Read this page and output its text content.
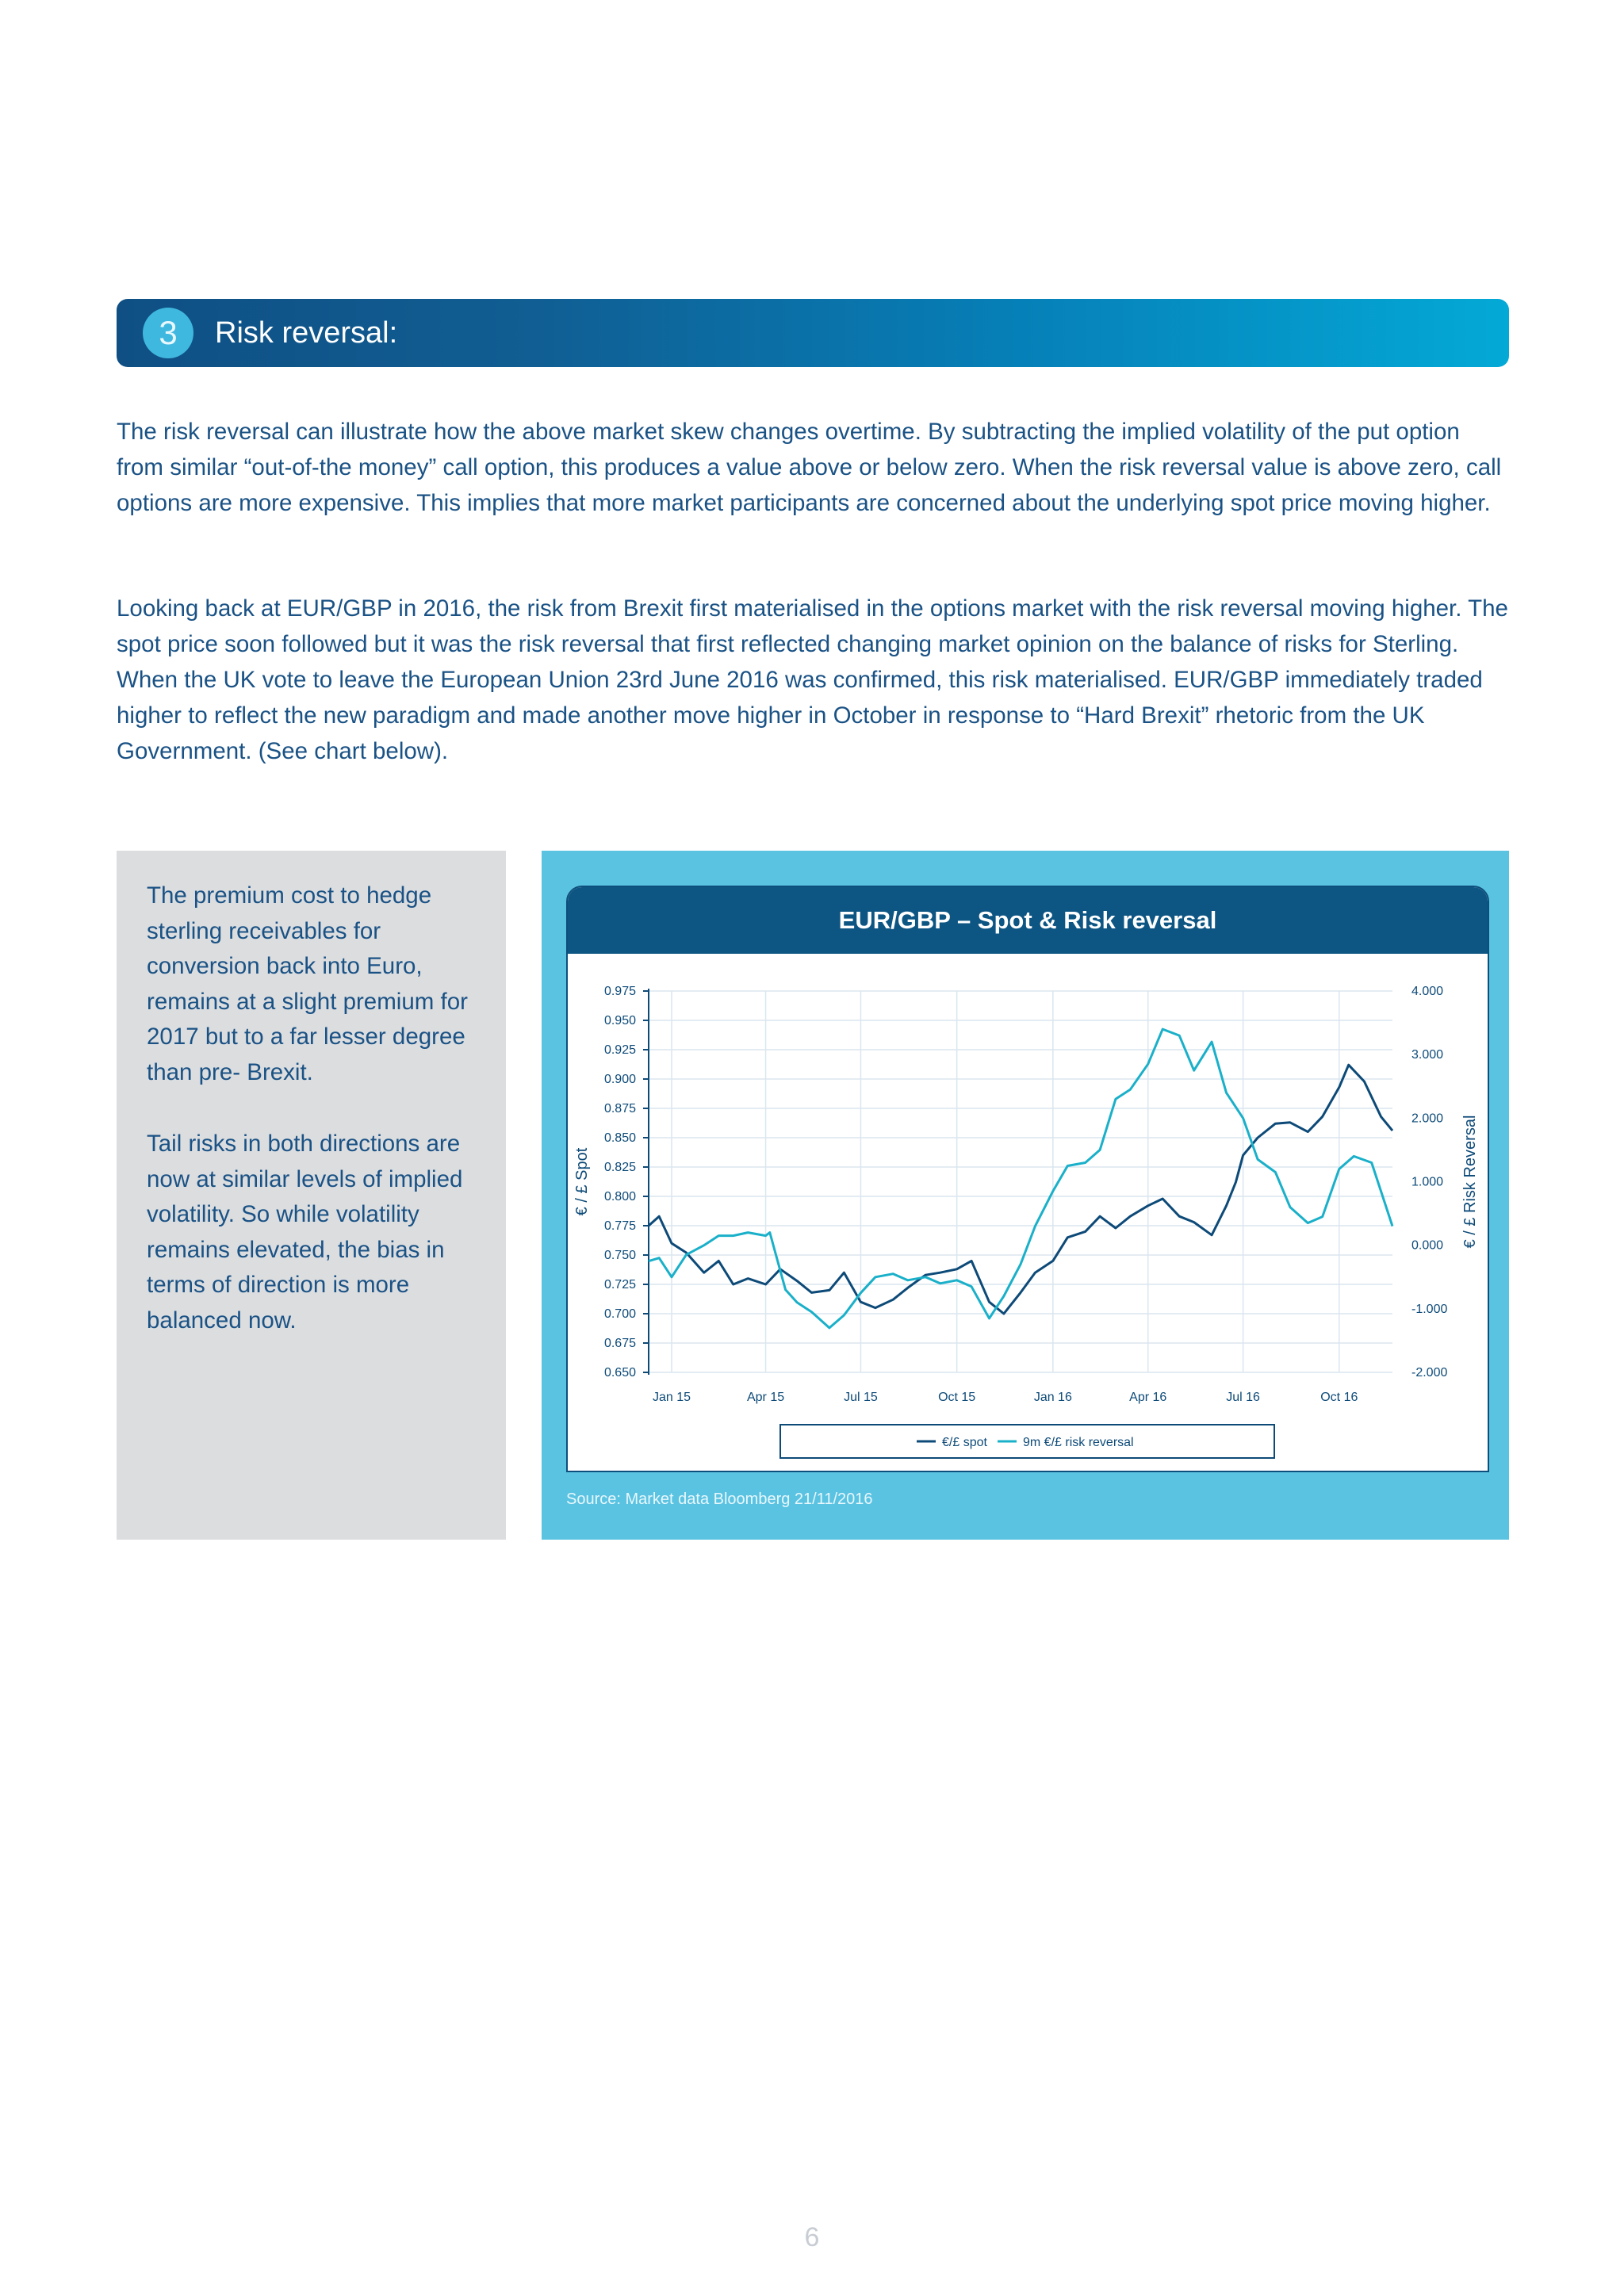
3	Risk reversal:

The risk reversal can illustrate how the above market skew changes overtime. By subtracting the implied volatility of the put option from similar “out-of-the money” call option, this produces a value above or below zero. When the risk reversal value is above zero, call options are more expensive. This implies that more market participants are concerned about the underlying spot price moving higher.

Looking back at EUR/GBP in 2016, the risk from Brexit first materialised in the options market with the risk reversal moving higher. The spot price soon followed but it was the risk reversal that first reflected changing market opinion on the balance of risks for Sterling. When the UK vote to leave the European Union 23rd June 2016 was confirmed, this risk materialised. EUR/GBP immediately traded higher to reflect the new paradigm and made another move higher in October in response to “Hard Brexit” rhetoric from the UK Government. (See chart below).

The premium cost to hedge sterling receivables for conversion back into Euro, remains at a slight premium for 2017 but to a far lesser degree than pre- Brexit.

Tail risks in both directions are now at similar levels of implied volatility. So while volatility remains elevated, the bias in terms of direction is more balanced now.

EUR/GBP – Spot & Risk reversal
0.975
0.950
0.925
0.900
0.875
0.850
0.825
0.800
0.775
0.750
0.725
0.700
0.675
0.650
4.000
3.000
2.000
1.000
0.000
-1.000
-2.000
Jan 15	Apr 15	Jul 15	Oct 15	Jan 16	Apr 16	Jul 16	Oct 16
€ / £ Spot	€ / £ Risk Reversal
€/£ spot	9m €/£ risk reversal
Source: Market data Bloomberg 21/11/2016
6
